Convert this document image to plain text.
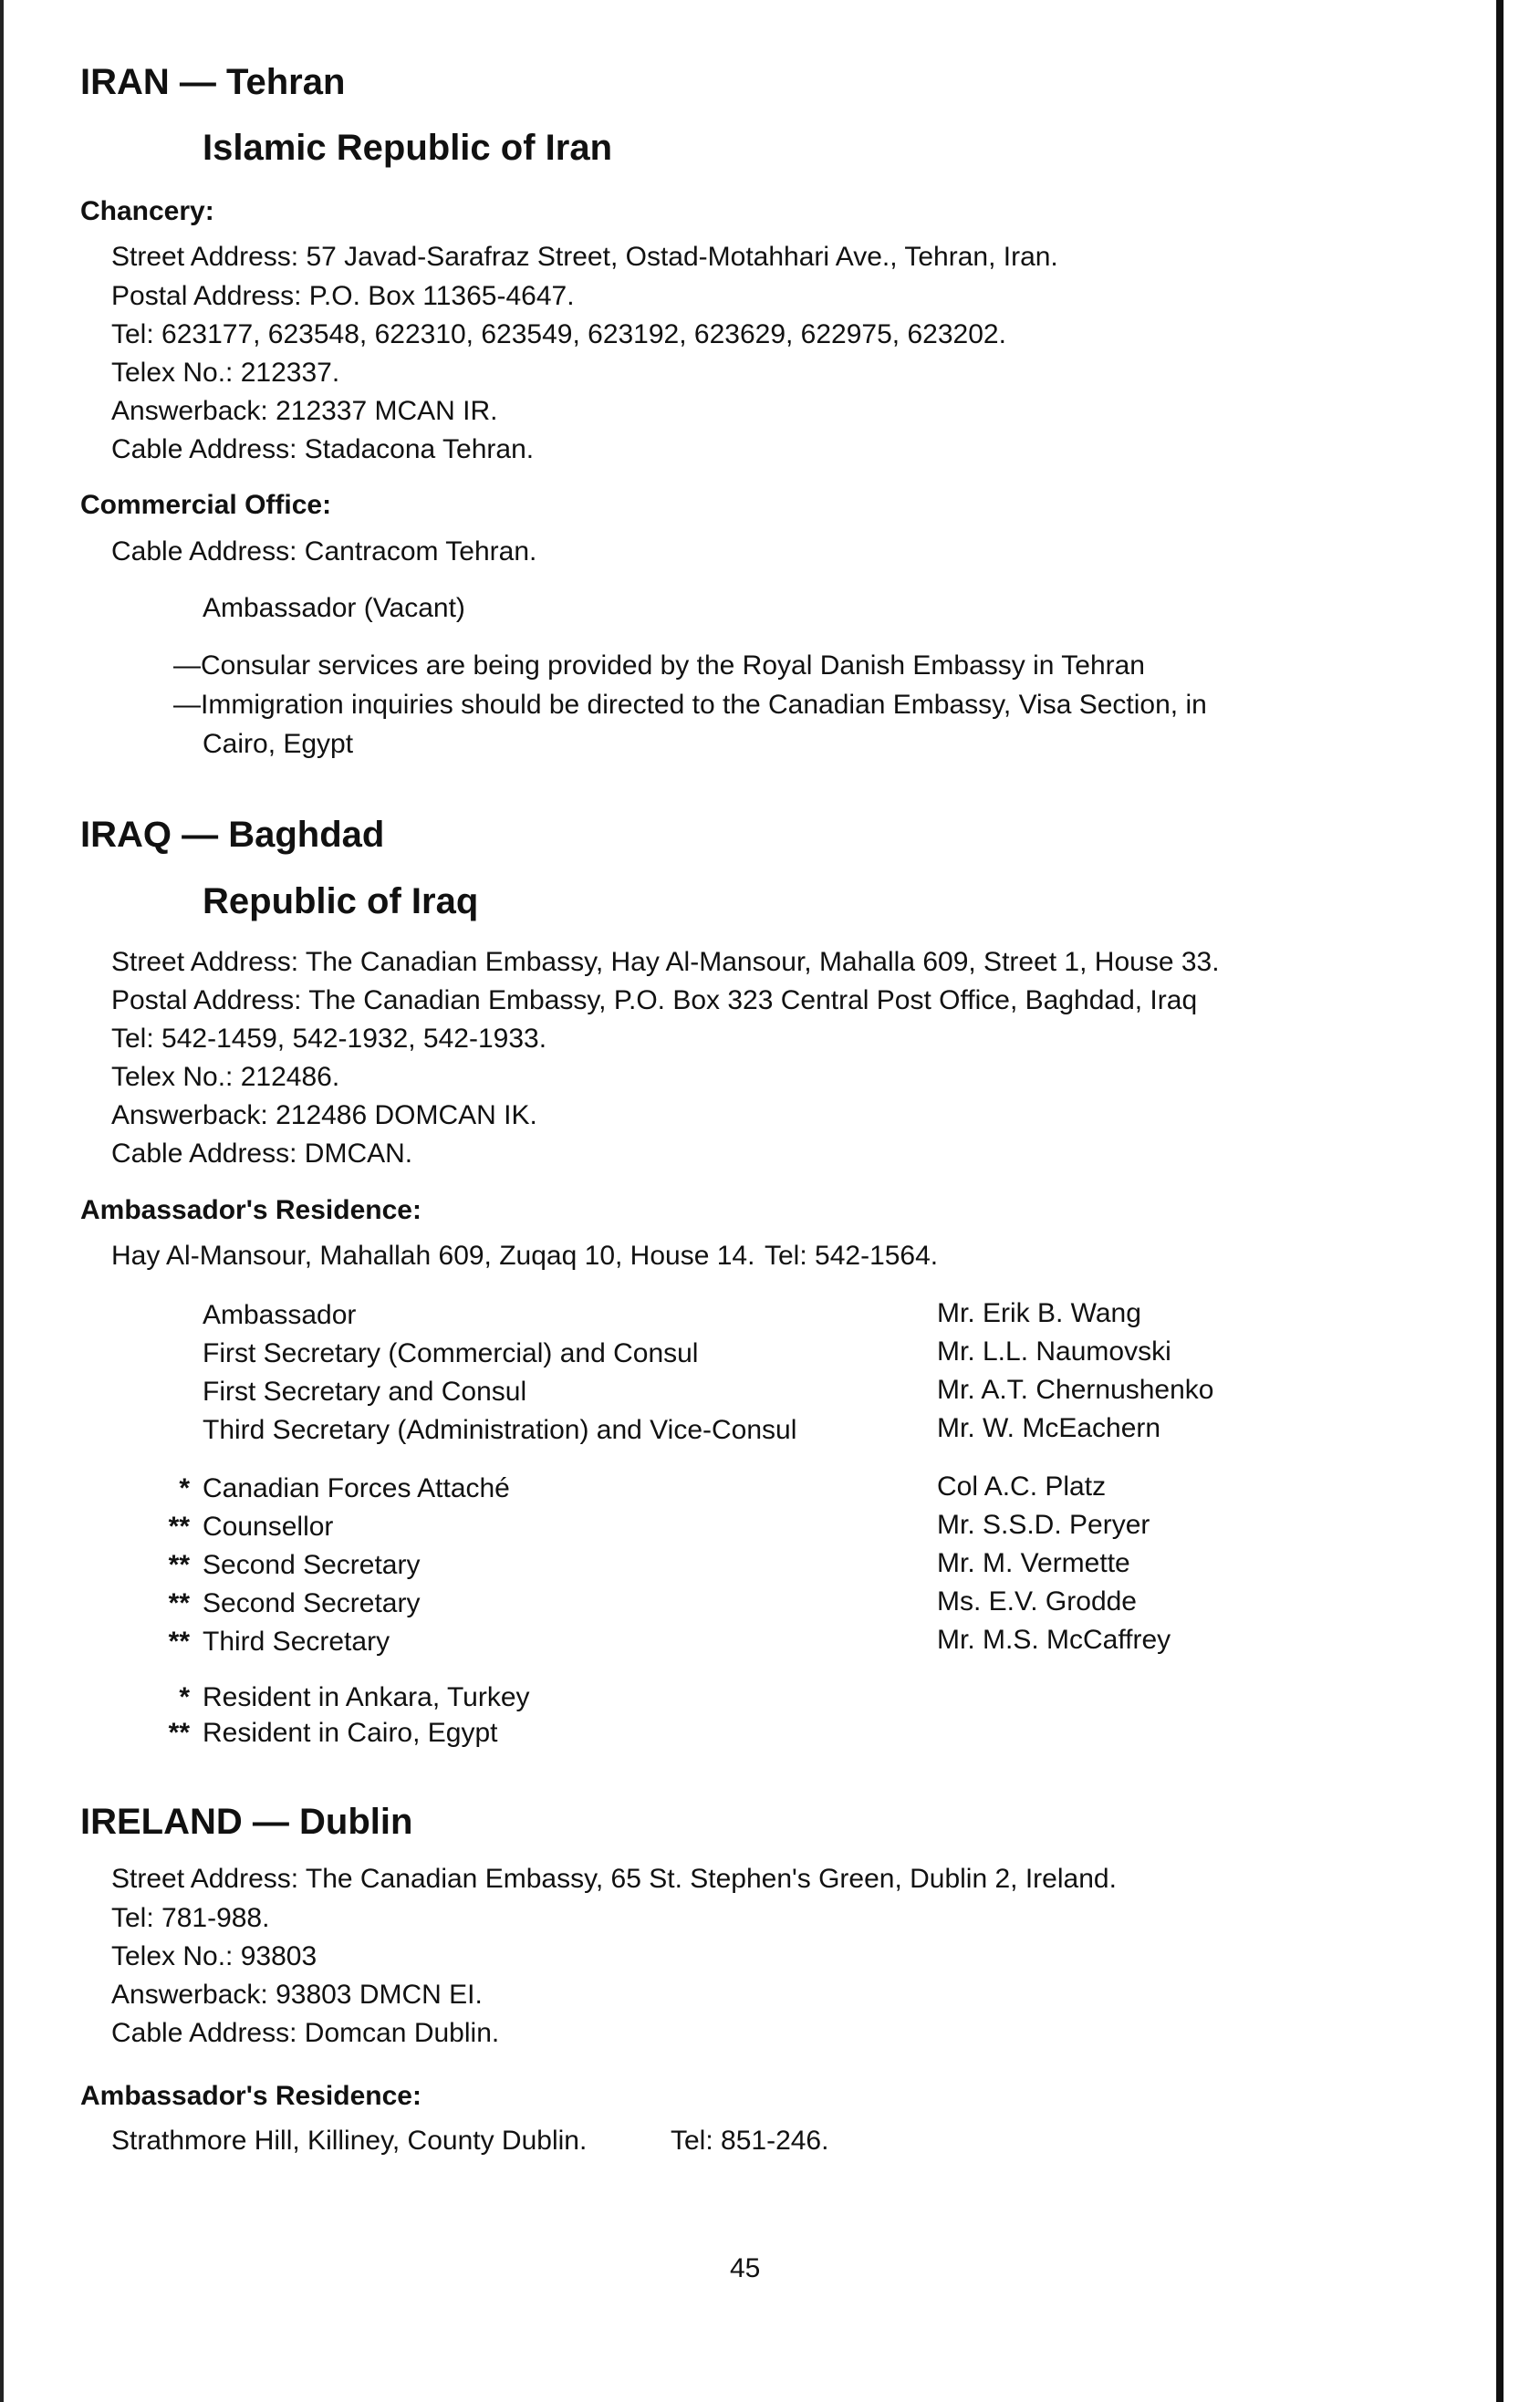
IRAN — Tehran
Islamic Republic of Iran
Chancery:
Street Address: 57 Javad-Sarafraz Street, Ostad-Motahhari Ave., Tehran, Iran.
Postal Address: P.O. Box 11365-4647.
Tel: 623177, 623548, 622310, 623549, 623192, 623629, 622975, 623202.
Telex No.: 212337.
Answerback: 212337 MCAN IR.
Cable Address: Stadacona Tehran.
Commercial Office:
Cable Address: Cantracom Tehran.
Ambassador (Vacant)
—Consular services are being provided by the Royal Danish Embassy in Tehran
—Immigration inquiries should be directed to the Canadian Embassy, Visa Section, in
Cairo, Egypt
IRAQ — Baghdad
Republic of Iraq
Street Address: The Canadian Embassy, Hay Al-Mansour, Mahalla 609, Street 1, House 33.
Postal Address: The Canadian Embassy, P.O. Box 323 Central Post Office, Baghdad, Iraq
Tel: 542-1459, 542-1932, 542-1933.
Telex No.: 212486.
Answerback: 212486 DOMCAN IK.
Cable Address: DMCAN.
Ambassador's Residence:
Hay Al-Mansour, Mahallah 609, Zuqaq 10, House 14. Tel: 542-1564.
Ambassador	Mr. Erik B. Wang
First Secretary (Commercial) and Consul	Mr. L.L. Naumovski
First Secretary and Consul	Mr. A.T. Chernushenko
Third Secretary (Administration) and Vice-Consul	Mr. W. McEachern
* Canadian Forces Attaché	Col A.C. Platz
** Counsellor	Mr. S.S.D. Peryer
** Second Secretary	Mr. M. Vermette
** Second Secretary	Ms. E.V. Grodde
** Third Secretary	Mr. M.S. McCaffrey
* Resident in Ankara, Turkey
** Resident in Cairo, Egypt
IRELAND — Dublin
Street Address: The Canadian Embassy, 65 St. Stephen's Green, Dublin 2, Ireland.
Tel: 781-988.
Telex No.: 93803
Answerback: 93803 DMCN EI.
Cable Address: Domcan Dublin.
Ambassador's Residence:
Strathmore Hill, Killiney, County Dublin.	Tel: 851-246.
45
